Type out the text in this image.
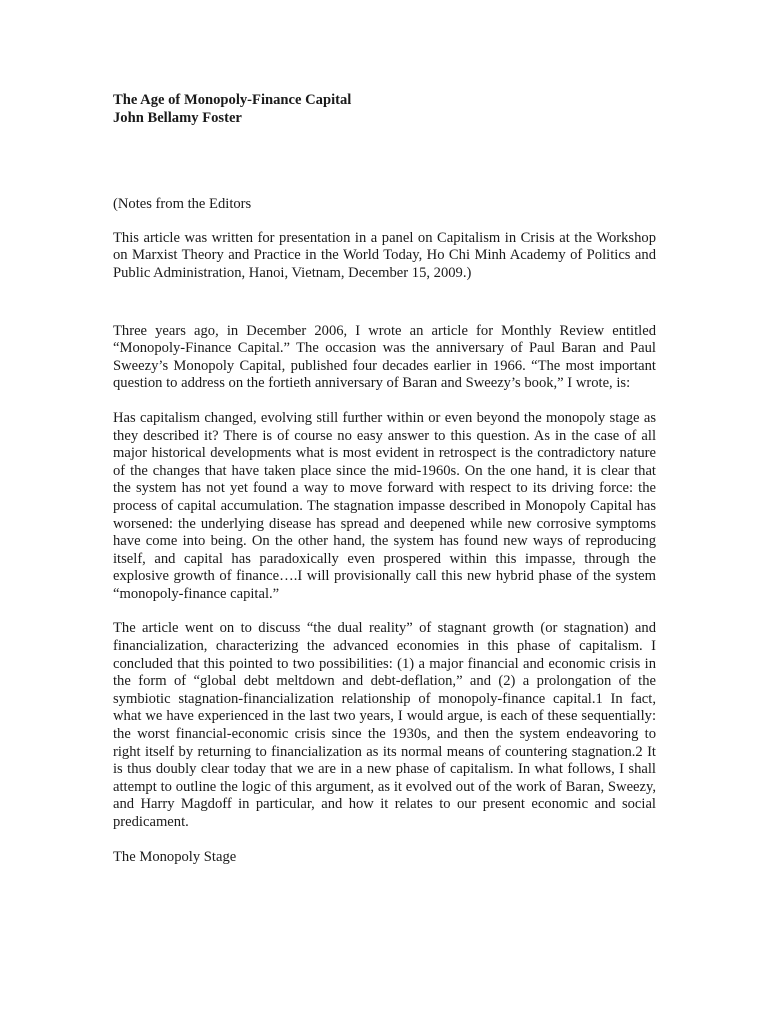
The Age of Monopoly-Finance Capital
John Bellamy Foster

(Notes from the Editors

This article was written for presentation in a panel on Capitalism in Crisis at the Workshop on Marxist Theory and Practice in the World Today, Ho Chi Minh Academy of Politics and Public Administration, Hanoi, Vietnam, December 15, 2009.)

Three years ago, in December 2006, I wrote an article for Monthly Review entitled “Monopoly-Finance Capital.” The occasion was the anniversary of Paul Baran and Paul Sweezy’s Monopoly Capital, published four decades earlier in 1966. “The most important question to address on the fortieth anniversary of Baran and Sweezy’s book,” I wrote, is:

Has capitalism changed, evolving still further within or even beyond the monopoly stage as they described it? There is of course no easy answer to this question. As in the case of all major historical developments what is most evident in retrospect is the contradictory nature of the changes that have taken place since the mid-1960s. On the one hand, it is clear that the system has not yet found a way to move forward with respect to its driving force: the process of capital accumulation. The stagnation impasse described in Monopoly Capital has worsened: the underlying disease has spread and deepened while new corrosive symptoms have come into being. On the other hand, the system has found new ways of reproducing itself, and capital has paradoxically even prospered within this impasse, through the explosive growth of finance….I will provisionally call this new hybrid phase of the system “monopoly-finance capital.”

The article went on to discuss “the dual reality” of stagnant growth (or stagnation) and financialization, characterizing the advanced economies in this phase of capitalism. I concluded that this pointed to two possibilities: (1) a major financial and economic crisis in the form of “global debt meltdown and debt-deflation,” and (2) a prolongation of the symbiotic stagnation-financialization relationship of monopoly-finance capital.1 In fact, what we have experienced in the last two years, I would argue, is each of these sequentially: the worst financial-economic crisis since the 1930s, and then the system endeavoring to right itself by returning to financialization as its normal means of countering stagnation.2 It is thus doubly clear today that we are in a new phase of capitalism. In what follows, I shall attempt to outline the logic of this argument, as it evolved out of the work of Baran, Sweezy, and Harry Magdoff in particular, and how it relates to our present economic and social predicament.

The Monopoly Stage
